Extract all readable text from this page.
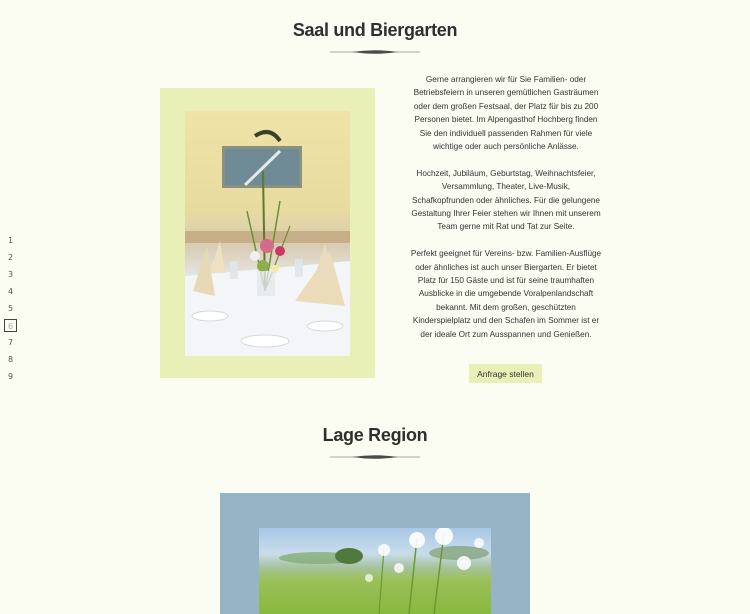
Saal und Biergarten
1
2
3
4
5
6
7
8
9

Gerne arrangieren wir für Sie Familien- oder Betriebsfeiern in unseren gemütlichen Gasträumen oder dem großen Festsaal, der Platz für bis zu 200 Personen bietet. Im Alpengasthof Hochberg finden Sie den individuell passenden Rahmen für viele wichtige oder auch persönliche Anlässe.

Hochzeit, Jubiläum, Geburtstag, Weihnachtsfeier, Versammlung, Theater, Live-Musik, Schafkopfrunden oder ähnliches. Für die gelungene Gestaltung Ihrer Feier stehen wir Ihnen mit unserem Team gerne mit Rat und Tat zur Seite.

Perfekt geeignet für Vereins- bzw. Familien-Ausflüge oder ähnliches ist auch unser Biergarten. Er bietet Platz für 150 Gäste und ist für seine traumhaften Ausblicke in die umgebende Voralpenlandschaft bekannt. Mit dem großen, geschützten Kinderspielplatz und den Schafen im Sommer ist er der ideale Ort zum Ausspannen und Genießen.

Anfrage stellen
Lage Region
